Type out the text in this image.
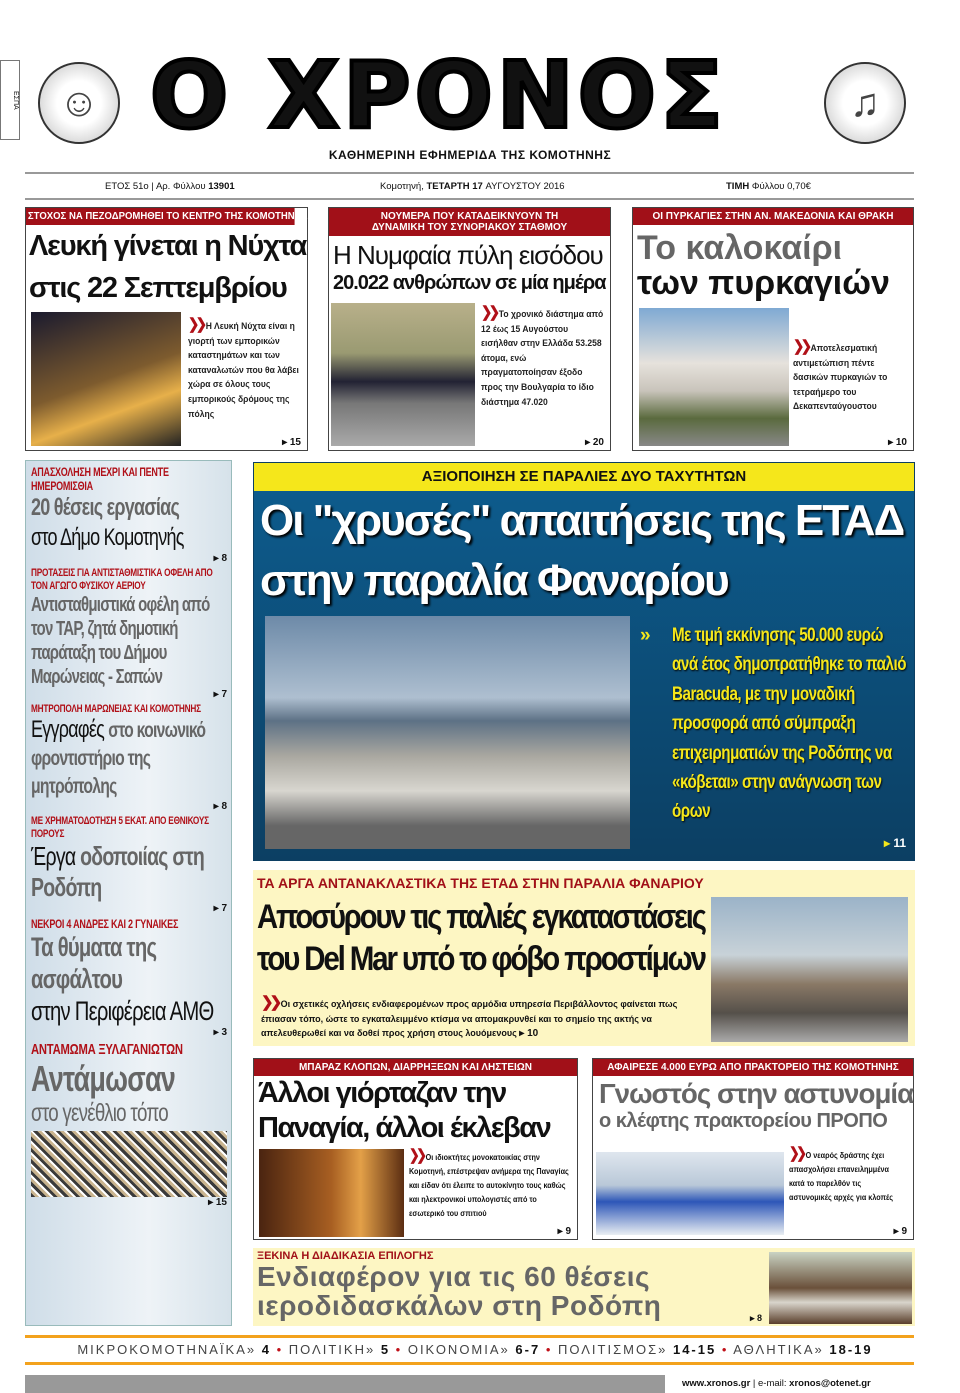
ΕΣΠΑ ☺	♫
Ο ΧΡΟΝΟΣ
ΚΑΘΗΜΕΡΙΝΗ ΕΦΗΜΕΡΙΔΑ ΤΗΣ ΚΟΜΟΤΗΝΗΣ
ΕΤΟΣ 51ο | Αρ. Φύλλου 13901	Κομοτηνή, ΤΕΤΑΡΤΗ 17 ΑΥΓΟΥΣΤΟΥ 2016	ΤΙΜΗ Φύλλου 0,70€
ΣΤΟΧΟΣ ΝΑ ΠΕΖΟΔΡΟΜΗΘΕΙ ΤΟ ΚΕΝΤΡΟ ΤΗΣ ΚΟΜΟΤΗΝΗΣ
Λευκή γίνεται η Νύχτα
στις 22 Σεπτεμβρίου
❯❯ Η Λευκή Νύχτα είναι η γιορτή των εμπορικών καταστημάτων και των καταναλωτών που θα λάβει χώρα σε όλους τους εμπορικούς δρόμους της πόλης
▸ 15
ΝΟΥΜΕΡΑ ΠΟΥ ΚΑΤΑΔΕΙΚΝΥΟΥΝ ΤΗ ΔΥΝΑΜΙΚΗ ΤΟΥ ΣΥΝΟΡΙΑΚΟΥ ΣΤΑΘΜΟΥ
Η Νυμφαία πύλη εισόδου
20.022 ανθρώπων σε μία ημέρα
❯❯ Το χρονικό διάστημα από 12 έως 15 Αυγούστου εισήλθαν στην Ελλάδα 53.258 άτομα, ενώ πραγματοποίησαν έξοδο προς την Βουλγαρία το ίδιο διάστημα 47.020
▸ 20
ΟΙ ΠΥΡΚΑΓΙΕΣ ΣΤΗΝ ΑΝ. ΜΑΚΕΔΟΝΙΑ ΚΑΙ ΘΡΑΚΗ
Το καλοκαίρι
των πυρκαγιών
❯❯ Αποτελεσματική αντιμετώπιση πέντε δασικών πυρκαγιών το τετραήμερο του Δεκαπενταύγουστου
▸ 10
ΑΠΑΣΧΟΛΗΣΗ ΜΕΧΡΙ ΚΑΙ ΠΕΝΤΕ ΗΜΕΡΟΜΙΣΘΙΑ
20 θέσεις εργασίας
στο Δήμο Κομοτηνής
▸ 8
ΠΡΟΤΑΣΕΙΣ ΓΙΑ ΑΝΤΙΣΤΑΘΜΙΣΤΙΚΑ ΟΦΕΛΗ ΑΠΟ ΤΟΝ ΑΓΩΓΟ ΦΥΣΙΚΟΥ ΑΕΡΙΟΥ
Αντισταθμιστικά οφέλη από τον TAP, ζητά δημοτική παράταξη του Δήμου Μαρώνειας - Σαπών
▸ 7
ΜΗΤΡΟΠΟΛΗ ΜΑΡΩΝΕΙΑΣ ΚΑΙ ΚΟΜΟΤΗΝΗΣ
Εγγραφές στο κοινωνικό φροντιστήριο της μητρόπολης
▸ 8
ΜΕ ΧΡΗΜΑΤΟΔΟΤΗΣΗ 5 ΕΚΑΤ. ΑΠΟ ΕΘΝΙΚΟΥΣ ΠΟΡΟΥΣ
Έργα οδοποιίας στη Ροδόπη
▸ 7
ΝΕΚΡΟΙ 4 ΑΝΔΡΕΣ ΚΑΙ 2 ΓΥΝΑΙΚΕΣ
Τα θύματα της ασφάλτου
στην Περιφέρεια ΑΜΘ
▸ 3
ΑΝΤΑΜΩΜΑ ΞΥΛΑΓΑΝΙΩΤΩΝ
Αντάμωσαν
στο γενέθλιο τόπο
▸ 15
ΑΞΙΟΠΟΙΗΣΗ ΣΕ ΠΑΡΑΛΙΕΣ ΔΥΟ ΤΑΧΥΤΗΤΩΝ
Οι "χρυσές" απαιτήσεις της ΕΤΑΔ
στην παραλία Φαναρίου
» Με τιμή εκκίνησης 50.000 ευρώ ανά έτος δημοπρατήθηκε το παλιό Baracuda, με την μοναδική προσφορά από σύμπραξη επιχειρηματιών της Ροδόπης να «κόβεται» στην ανάγνωση των όρων
▸ 11
ΤΑ ΑΡΓΑ ΑΝΤΑΝΑΚΛΑΣΤΙΚΑ ΤΗΣ ΕΤΑΔ ΣΤΗΝ ΠΑΡΑΛΙΑ ΦΑΝΑΡΙΟΥ
Αποσύρουν τις παλιές εγκαταστάσεις
του Del Mar υπό το φόβο προστίμων
❯❯ Οι σχετικές οχλήσεις ενδιαφερομένων προς αρμόδια υπηρεσία Περιβάλλοντος φαίνεται πως έπιασαν τόπο, ώστε το εγκαταλειμμένο κτίσμα να απομακρυνθεί και το σημείο της ακτής να απελευθερωθεί και να δοθεί προς χρήση στους λουόμενους ▸ 10
ΜΠΑΡΑΖ ΚΛΟΠΩΝ, ΔΙΑΡΡΗΞΕΩΝ ΚΑΙ ΛΗΣΤΕΙΩΝ
Άλλοι γιόρταζαν την
Παναγία, άλλοι έκλεβαν
❯❯ Οι ιδιοκτήτες μονοκατοικίας στην Κομοτηνή, επέστρεψαν ανήμερα της Παναγίας και είδαν ότι έλειπε το αυτοκίνητο τους καθώς και ηλεκτρονικοί υπολογιστές από το εσωτερικό του σπιτιού
▸ 9
ΑΦΑΙΡΕΣΕ 4.000 ΕΥΡΩ ΑΠΟ ΠΡΑΚΤΟΡΕΙΟ ΤΗΣ ΚΟΜΟΤΗΝΗΣ
Γνωστός στην αστυνομία
ο κλέφτης πρακτορείου ΠΡΟΠΟ
❯❯ Ο νεαρός δράστης έχει απασχολήσει επανειλημμένα κατά το παρελθόν τις αστυνομικές αρχές για κλοπές
▸ 9
ΞΕΚΙΝΑ Η ΔΙΑΔΙΚΑΣΙΑ ΕΠΙΛΟΓΗΣ
Ενδιαφέρον για τις 60 θέσεις
ιεροδιδασκάλων στη Ροδόπη	▸ 8
ΜΙΚΡΟΚΟΜΟΤΗΝΑΪΚΑ» 4 • ΠΟΛΙΤΙΚΗ» 5 • ΟΙΚΟΝΟΜΙΑ» 6-7 • ΠΟΛΙΤΙΣΜΟΣ» 14-15 • ΑΘΛΗΤΙΚΑ» 18-19
www.xronos.gr | e-mail: xronos@otenet.gr
